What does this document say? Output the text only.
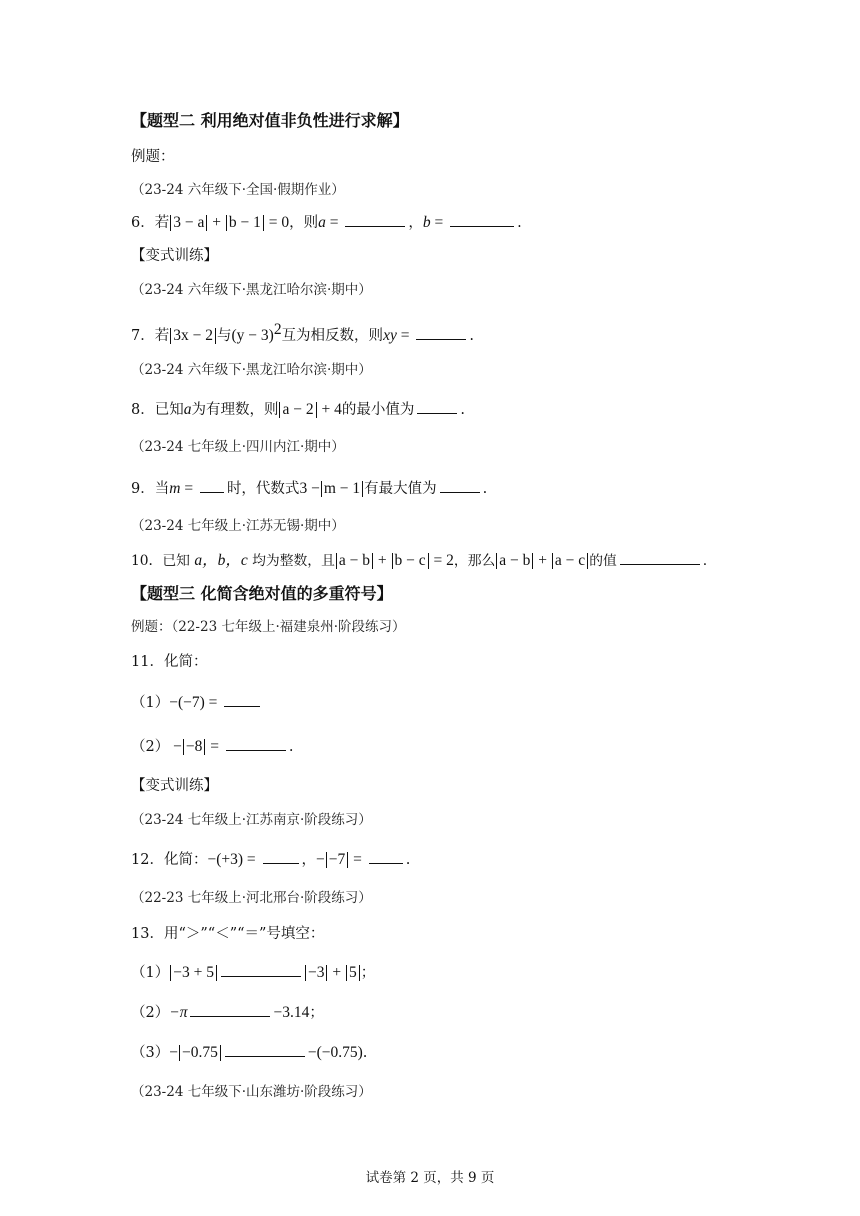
【题型二 利用绝对值非负性进行求解】

例题：

（23-24 六年级下·全国·假期作业）

6．若 3 − a + b − 1 = 0，则a =	，b =	.

【变式训练】

（23-24 六年级下·黑龙江哈尔滨·期中）

7．若 3x − 2 与$(y - 3)^2$互为相反数，则xy =	.

（23-24 六年级下·黑龙江哈尔滨·期中）

8．已知a为有理数，则 a − 2 + 4的最小值为	.

（23-24 七年级上·四川内江·期中）

9．当m = 时，代数式3 − m − 1 有最大值为	.

（23-24 七年级上·江苏无锡·期中）

10．已知 a，b，c 均为整数，且 a − b + b − c = 2，那么 a − b + a − c 的值	.

【题型三 化简含绝对值的多重符号】

例题：（22-23 七年级上·福建泉州·阶段练习）

11．化简：

（1）−(−7) =

（2） − −8 =	.

【变式训练】

（23-24 七年级上·江苏南京·阶段练习）

12．化简：−(+3) =	，− −7 =	.

（22-23 七年级上·河北邢台·阶段练习）

13．用“＞”“＜”“＝”号填空：

（1） −3 + 5	−3 + 5 ；

（2）−π	−3.14；

（3）− −0.75	−(−0.75).

（23-24 七年级下·山东潍坊·阶段练习）

试卷第 2 页，共 9 页
